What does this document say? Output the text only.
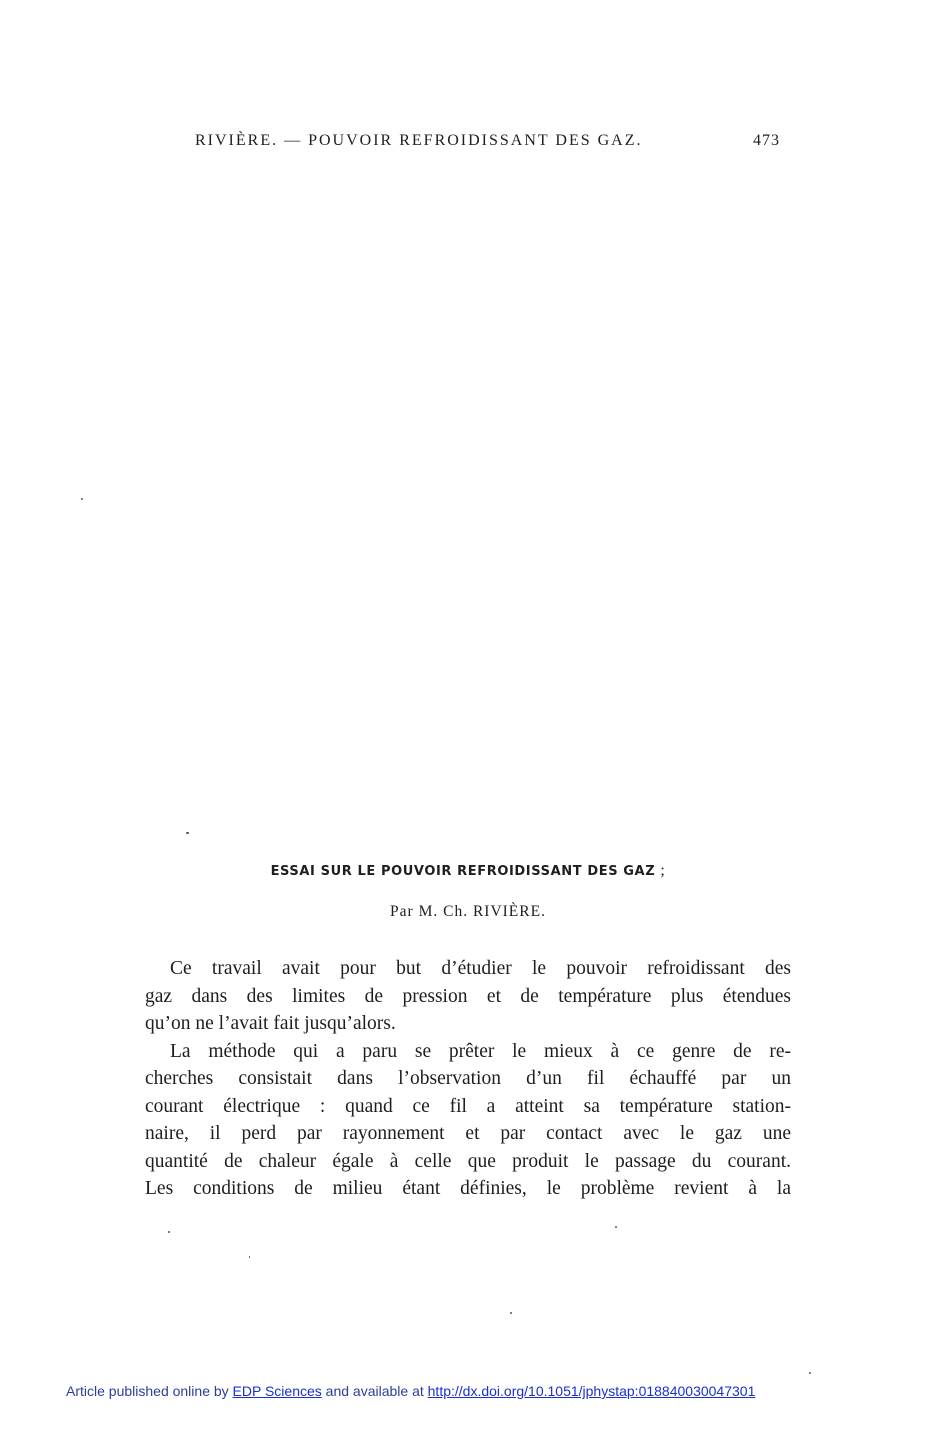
RIVIÈRE. — POUVOIR REFROIDISSANT DES GAZ.	473
ESSAI SUR LE POUVOIR REFROIDISSANT DES GAZ ;
Par M. Ch. RIVIÈRE.
Ce travail avait pour but d’étudier le pouvoir refroidissant des
gaz dans des limites de pression et de température plus étendues
qu’on ne l’avait fait jusqu’alors.
La méthode qui a paru se prêter le mieux à ce genre de re-
cherches consistait dans l’observation d’un fil échauffé par un
courant électrique : quand ce fil a atteint sa température station-
naire, il perd par rayonnement et par contact avec le gaz une
quantité de chaleur égale à celle que produit le passage du courant.
Les conditions de milieu étant définies, le problème revient à la
Article published online by EDP Sciences and available at http://dx.doi.org/10.1051/jphystap:018840030047301
